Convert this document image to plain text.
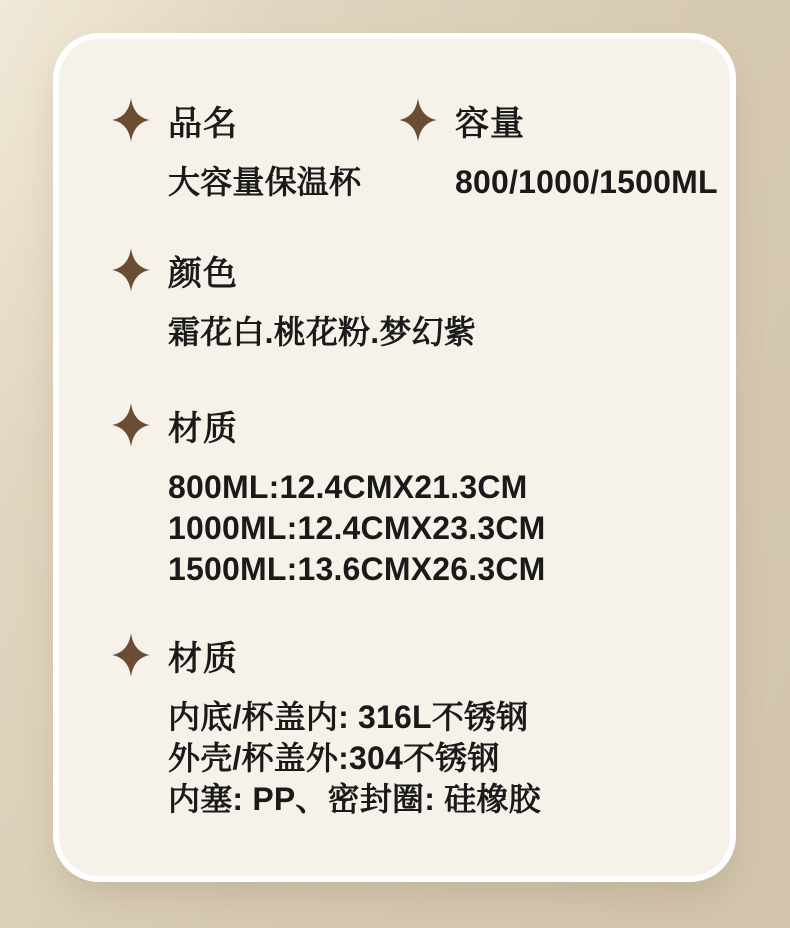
品名

大容量保温杯

容量

800/1000/1500ML

颜色

霜花白.桃花粉.梦幻紫

材质

800ML:12.4CMX21.3CM

1000ML:12.4CMX23.3CM

1500ML:13.6CMX26.3CM

材质

内底/杯盖内: 316L不锈钢

外壳/杯盖外:304不锈钢

内塞: PP、密封圈: 硅橡胶
